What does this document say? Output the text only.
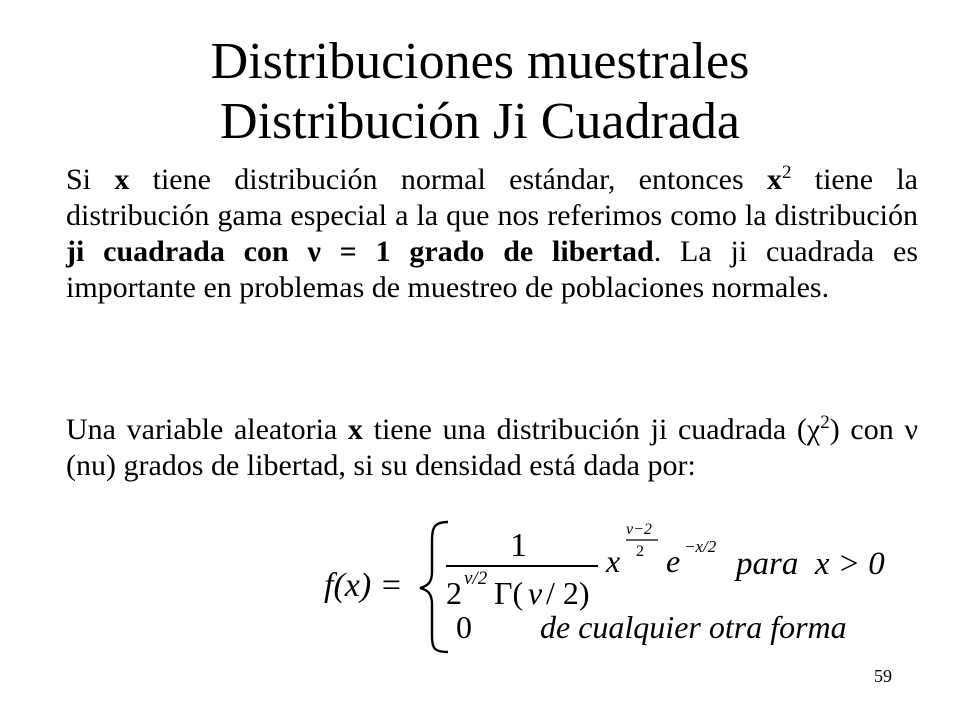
Distribuciones muestrales
Distribución Ji Cuadrada
Si x tiene distribución normal estándar, entonces $x^2$ tiene la distribución gama especial a la que nos referimos como la distribución ji cuadrada con ν = 1 grado de libertad. La ji cuadrada es importante en problemas de muestreo de poblaciones normales.
Una variable aleatoria x tiene una distribución ji cuadrada $(\chi^2)$ con ν (nu) grados de libertad, si su densidad está dada por:
f(x) =
1
2 ν/2 Γ( ν / 2)
x
ν−2
2 e −x/2 para  x > 0
0 de cualquier otra forma
59
